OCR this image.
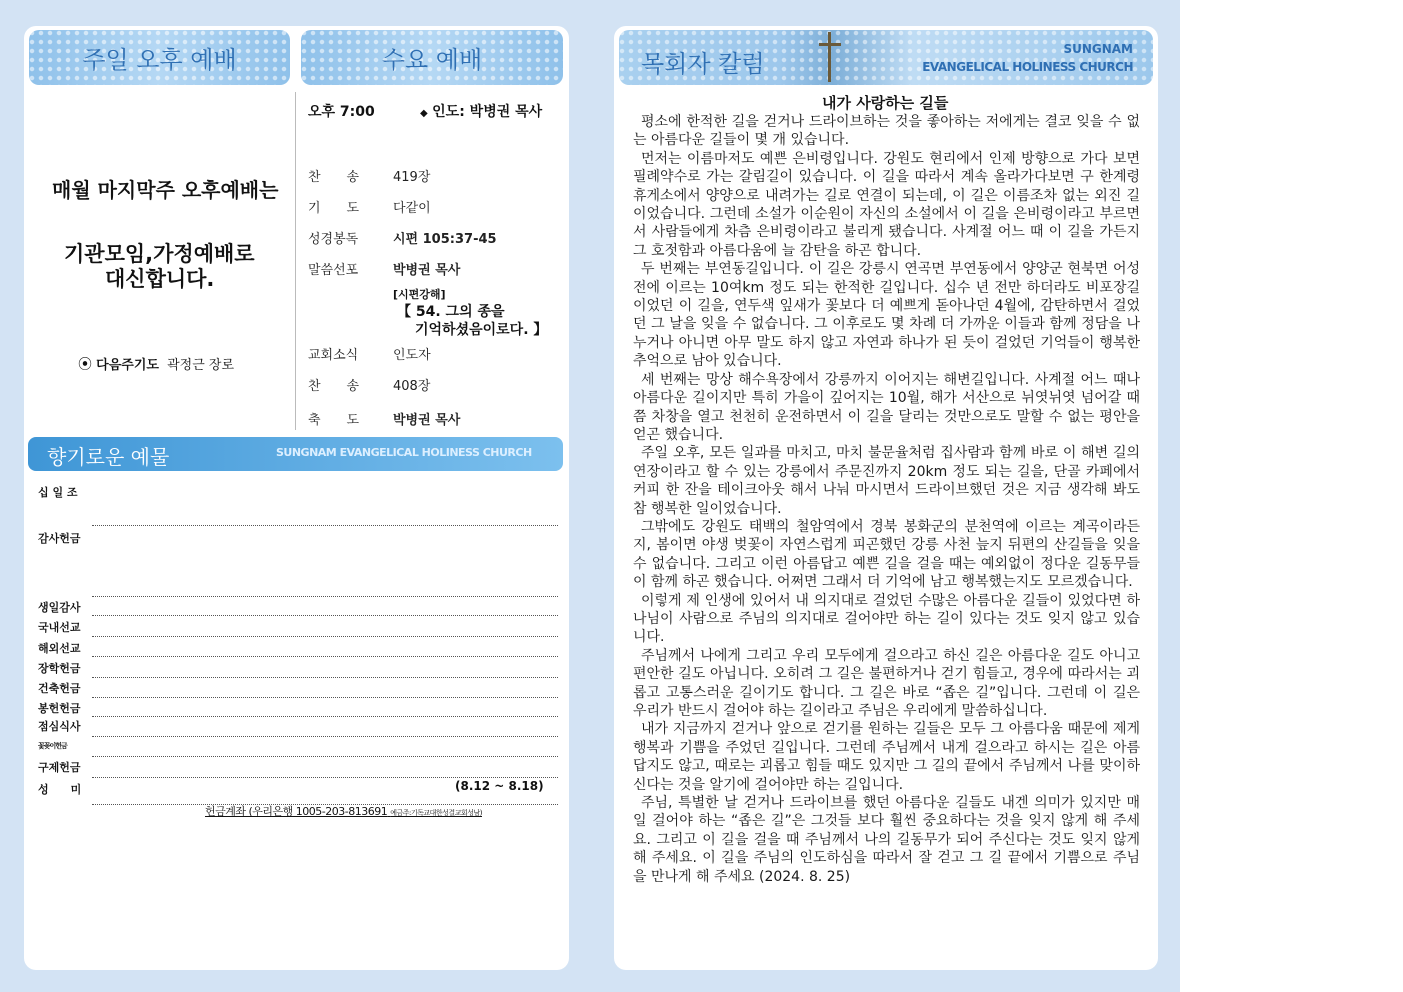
주일 오후 예배	수요 예배
매월 마지막주 오후예배는
기관모임,가정예배로
대신합니다.
⦿ 다음주기도 곽정근 장로
오후 7:00	◆ 인도: 박병권 목사
찬　　송	419장
기　　도	다같이
성경봉독	시편 105:37-45
말씀선포	박병권 목사
[시편강해]
【 54. 그의 종을
기억하셨음이로다. 】
교회소식	인도자
찬　　송	408장
축　　도	박병권 목사
향기로운 예물	SUNGNAM EVANGELICAL HOLINESS CHURCH
십 일 조
감사헌금
생일감사
국내선교
해외선교
장학헌금
건축헌금
봉헌헌금
점심식사
꽃꽂이헌금
구제헌금
성　　미	(8.12 ~ 8.18)
헌금계좌 (우리은행 1005-203-813691 예금주:기독교대한성결교회성남)
목회자 칼럼
SUNGNAM
EVANGELICAL HOLINESS CHURCH
내가 사랑하는 길들

평소에 한적한 길을 걷거나 드라이브하는 것을 좋아하는 저에게는 결코 잊을 수 없는 아름다운 길들이 몇 개 있습니다.

먼저는 이름마저도 예쁜 은비령입니다. 강원도 현리에서 인제 방향으로 가다 보면 필례약수로 가는 갈림길이 있습니다. 이 길을 따라서 계속 올라가다보면 구 한계령 휴게소에서 양양으로 내려가는 길로 연결이 되는데, 이 길은 이름조차 없는 외진 길이었습니다. 그런데 소설가 이순원이 자신의 소설에서 이 길을 은비령이라고 부르면서 사람들에게 차츰 은비령이라고 불리게 됐습니다. 사계절 어느 때 이 길을 가든지 그 호젓함과 아름다움에 늘 감탄을 하곤 합니다.

두 번째는 부연동길입니다. 이 길은 강릉시 연곡면 부연동에서 양양군 현북면 어성전에 이르는 10여km 정도 되는 한적한 길입니다. 십수 년 전만 하더라도 비포장길이었던 이 길을, 연두색 잎새가 꽃보다 더 예쁘게 돋아나던 4월에, 감탄하면서 걸었던 그 날을 잊을 수 없습니다. 그 이후로도 몇 차례 더 가까운 이들과 함께 정담을 나누거나 아니면 아무 말도 하지 않고 자연과 하나가 된 듯이 걸었던 기억들이 행복한 추억으로 남아 있습니다.

세 번째는 망상 해수욕장에서 강릉까지 이어지는 해변길입니다. 사계절 어느 때나 아름다운 길이지만 특히 가을이 깊어지는 10월, 해가 서산으로 뉘엿뉘엿 넘어갈 때쯤 차창을 열고 천천히 운전하면서 이 길을 달리는 것만으로도 말할 수 없는 평안을 얻곤 했습니다.

주일 오후, 모든 일과를 마치고, 마치 불문율처럼 집사람과 함께 바로 이 해변 길의 연장이라고 할 수 있는 강릉에서 주문진까지 20km 정도 되는 길을, 단골 카페에서 커피 한 잔을 테이크아웃 해서 나눠 마시면서 드라이브했던 것은 지금 생각해 봐도 참 행복한 일이었습니다.

그밖에도 강원도 태백의 철암역에서 경북 봉화군의 분천역에 이르는 계곡이라든지, 봄이면 야생 벚꽃이 자연스럽게 피곤했던 강릉 사천 늪지 뒤편의 산길들을 잊을 수 없습니다. 그리고 이런 아름답고 예쁜 길을 걸을 때는 예외없이 정다운 길동무들이 함께 하곤 했습니다. 어쩌면 그래서 더 기억에 남고 행복했는지도 모르겠습니다.

이렇게 제 인생에 있어서 내 의지대로 걸었던 수많은 아름다운 길들이 있었다면 하나님이 사람으로 주님의 의지대로 걸어야만 하는 길이 있다는 것도 잊지 않고 있습니다.

주님께서 나에게 그리고 우리 모두에게 걸으라고 하신 길은 아름다운 길도 아니고 편안한 길도 아닙니다. 오히려 그 길은 불편하거나 걷기 힘들고, 경우에 따라서는 괴롭고 고통스러운 길이기도 합니다. 그 길은 바로 “좁은 길”입니다. 그런데 이 길은 우리가 반드시 걸어야 하는 길이라고 주님은 우리에게 말씀하십니다.

내가 지금까지 걷거나 앞으로 걷기를 원하는 길들은 모두 그 아름다움 때문에 제게 행복과 기쁨을 주었던 길입니다. 그런데 주님께서 내게 걸으라고 하시는 길은 아름답지도 않고, 때로는 괴롭고 힘들 때도 있지만 그 길의 끝에서 주님께서 나를 맞이하신다는 것을 알기에 걸어야만 하는 길입니다.

주님, 특별한 날 걷거나 드라이브를 했던 아름다운 길들도 내겐 의미가 있지만 매일 걸어야 하는 “좁은 길”은 그것들 보다 훨씬 중요하다는 것을 잊지 않게 해 주세요. 그리고 이 길을 걸을 때 주님께서 나의 길동무가 되어 주신다는 것도 잊지 않게 해 주세요. 이 길을 주님의 인도하심을 따라서 잘 걷고 그 길 끝에서 기쁨으로 주님을 만나게 해 주세요 (2024. 8. 25)
